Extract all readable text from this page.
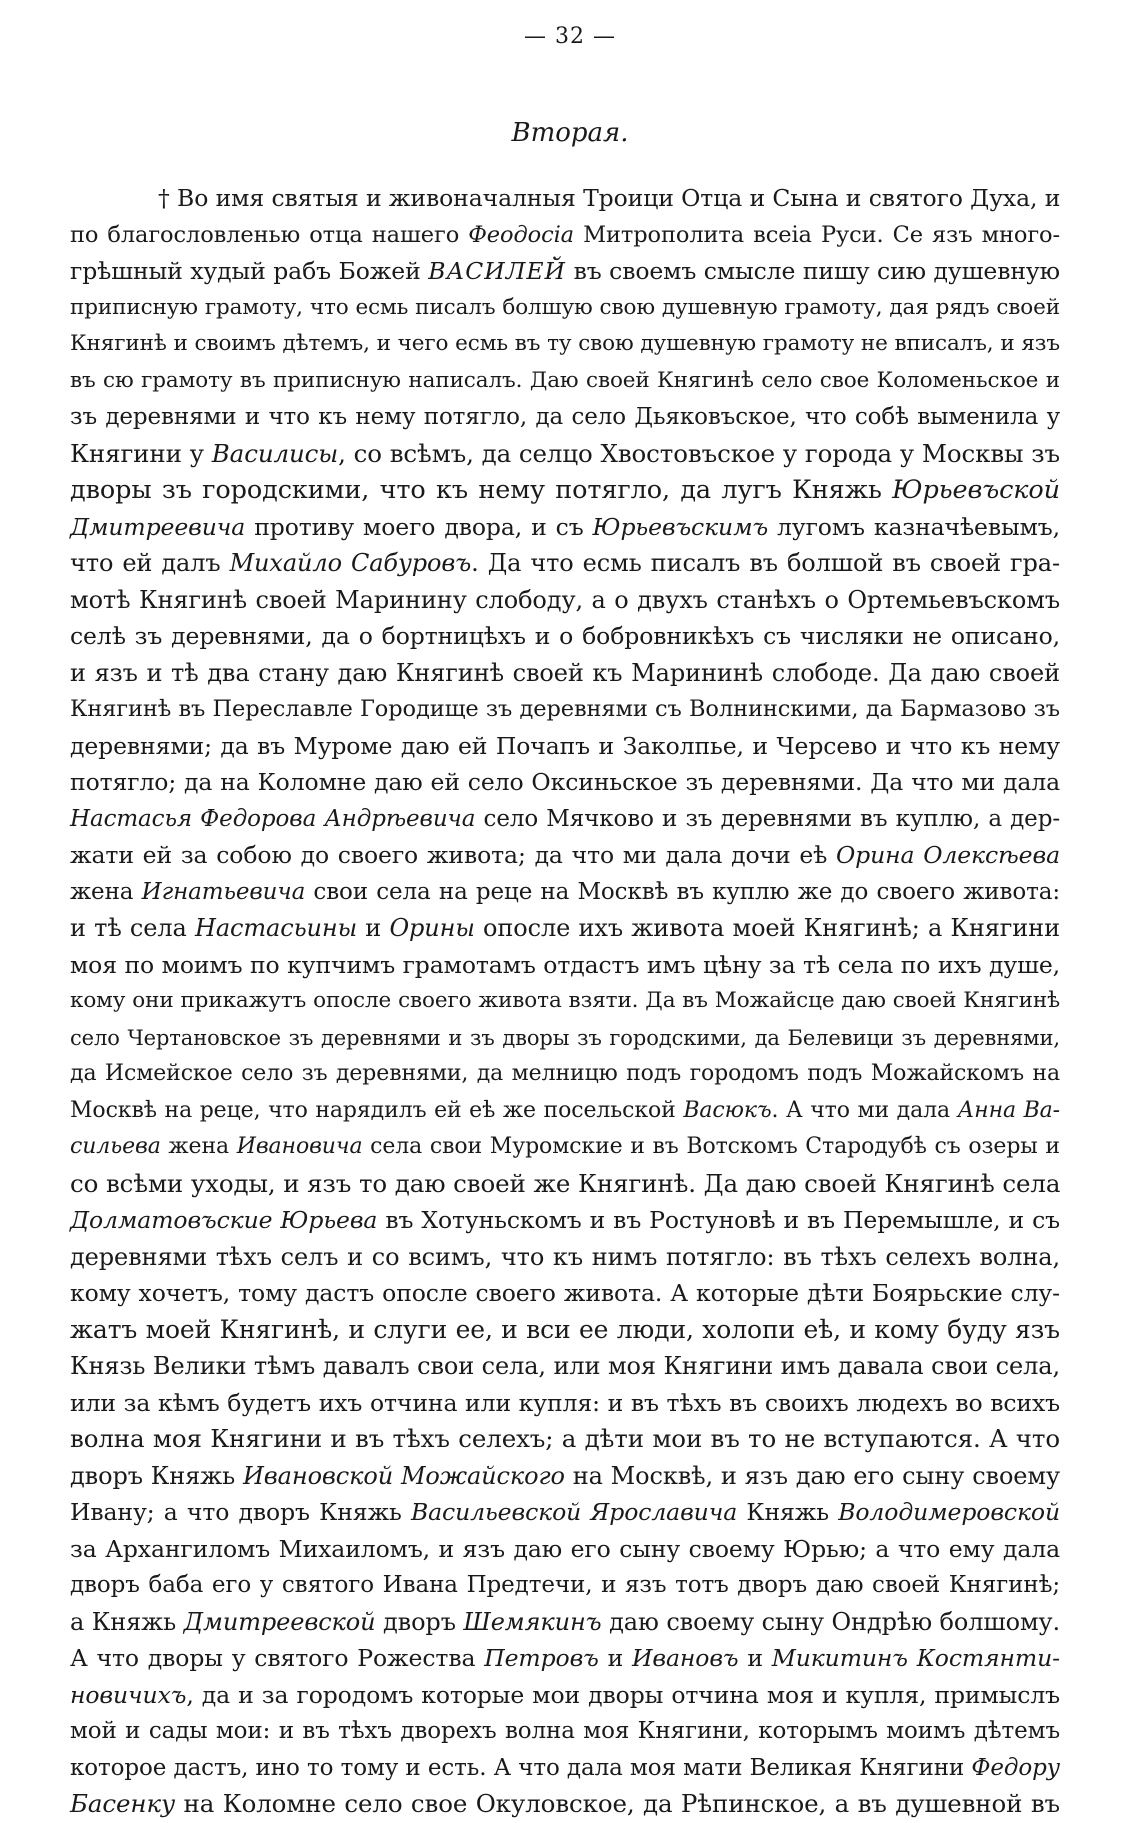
— 32 —
Вторая.
† Во имя святыя и живоначалныя Троици Отца и Сына и святого Духа, и
по благословленью отца нашего Феодосіа Митрополита всеіа Руси. Се язъ много-
грѣшный худый рабъ Божей ВАСИЛЕЙ въ своемъ смысле пишу сию душевную
приписную грамоту, что есмь писалъ болшую свою душевную грамоту, дая рядъ своей
Княгинѣ и своимъ дѣтемъ, и чего есмь въ ту свою душевную грамоту не вписалъ, и язъ
въ сю грамоту въ приписную написалъ. Даю своей Княгинѣ село свое Коломеньское и
зъ деревнями и что къ нему потягло, да село Дьяковъское, что собѣ выменила у
Княгини у Василисы, со всѣмъ, да селцо Хвостовъское у города у Москвы зъ
дворы зъ городскими, что къ нему потягло, да лугъ Княжь Юрьевъской
Дмитреевича противу моего двора, и съ Юрьевъскимъ лугомъ казначѣевымъ,
что ей далъ Михайло Сабуровъ. Да что есмь писалъ въ болшой въ своей гра-
мотѣ Княгинѣ своей Маринину слободу, а о двухъ станѣхъ о Ортемьевъскомъ
селѣ зъ деревнями, да о бортницѣхъ и о бобровникѣхъ съ числяки не описано,
и язъ и тѣ два стану даю Княгинѣ своей къ Марининѣ слободе. Да даю своей
Княгинѣ въ Переславле Городище зъ деревнями съ Волнинскими, да Бармазово зъ
деревнями; да въ Муроме даю ей Почапъ и Заколпье, и Черсево и что къ нему
потягло; да на Коломне даю ей село Оксиньское зъ деревнями. Да что ми дала
Настасья Федорова Андрѣевича село Мячково и зъ деревнями въ куплю, а дер-
жати ей за собою до своего живота; да что ми дала дочи еѣ Орина Олексѣева
жена Игнатьевича свои села на реце на Москвѣ въ куплю же до своего живота:
и тѣ села Настасьины и Орины опосле ихъ живота моей Княгинѣ; а Княгини
моя по моимъ по купчимъ грамотамъ отдастъ имъ цѣну за тѣ села по ихъ душе,
кому они прикажутъ опосле своего живота взяти. Да въ Можайсце даю своей Княгинѣ
село Чертановское зъ деревнями и зъ дворы зъ городскими, да Белевици зъ деревнями,
да Исмейское село зъ деревнями, да мелницю подъ городомъ подъ Можайскомъ на
Москвѣ на реце, что нарядилъ ей еѣ же посельской Васюкъ. А что ми дала Анна Ва-
сильева жена Ивановича села свои Муромские и въ Вотскомъ Стародубѣ съ озеры и
со всѣми уходы, и язъ то даю своей же Княгинѣ. Да даю своей Княгинѣ села
Долматовъские Юрьева въ Хотуньскомъ и въ Ростуновѣ и въ Перемышле, и съ
деревнями тѣхъ селъ и со всимъ, что къ нимъ потягло: въ тѣхъ селехъ волна,
кому хочетъ, тому дастъ опосле своего живота. А которые дѣти Боярьские слу-
жатъ моей Княгинѣ, и слуги ее, и вси ее люди, холопи еѣ, и кому буду язъ
Князь Велики тѣмъ давалъ свои села, или моя Княгини имъ давала свои села,
или за кѣмъ будетъ ихъ отчина или купля: и въ тѣхъ въ своихъ людехъ во всихъ
волна моя Княгини и въ тѣхъ селехъ; а дѣти мои въ то не вступаются. А что
дворъ Княжь Ивановской Можайского на Москвѣ, и язъ даю его сыну своему
Ивану; а что дворъ Княжь Васильевской Ярославича Княжь Володимеровской
за Архангиломъ Михаиломъ, и язъ даю его сыну своему Юрью; а что ему дала
дворъ баба его у святого Ивана Предтечи, и язъ тотъ дворъ даю своей Княгинѣ;
а Княжь Дмитреевской дворъ Шемякинъ даю своему сыну Ондрѣю болшому.
А что дворы у святого Рожества Петровъ и Ивановъ и Микитинъ Костянти-
новичихъ, да и за городомъ которые мои дворы отчина моя и купля, примыслъ
мой и сады мои: и въ тѣхъ дворехъ волна моя Княгини, которымъ моимъ дѣтемъ
которое дастъ, ино то тому и есть. А что дала моя мати Великая Княгини Федору
Басенку на Коломне село свое Окуловское, да Рѣпинское, а въ душевной въ
